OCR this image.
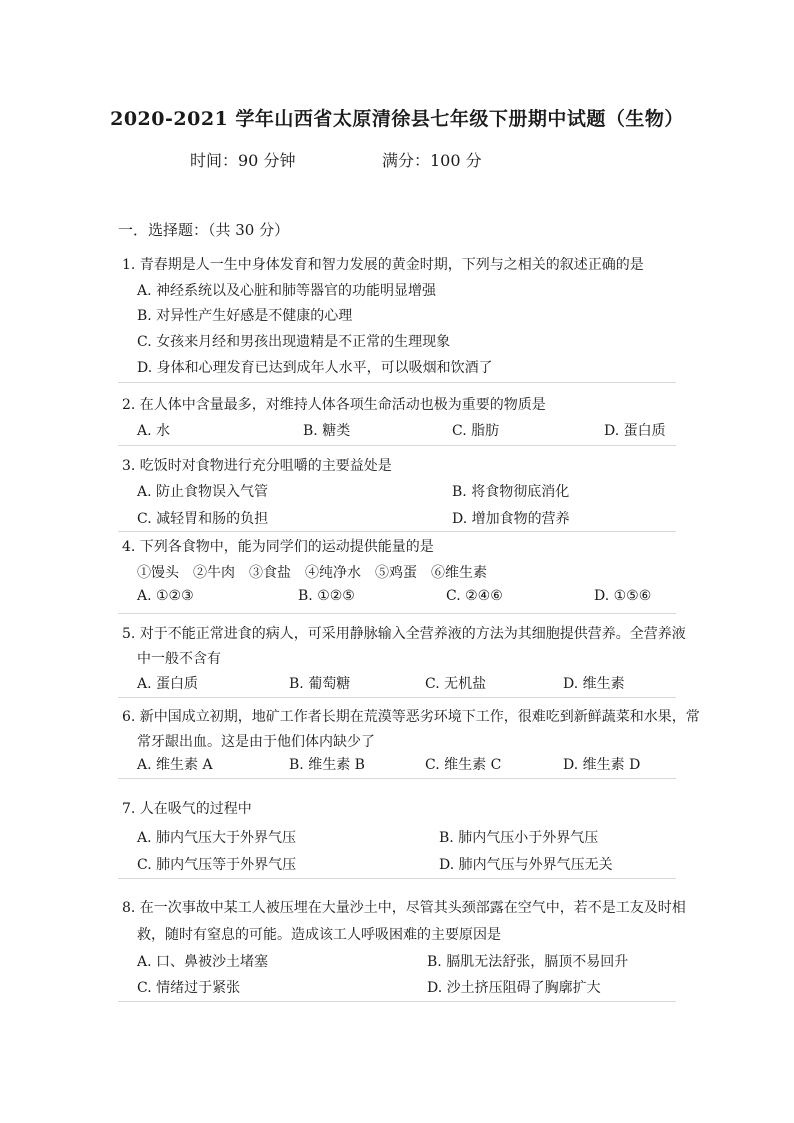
2020-2021 学年山西省太原清徐县七年级下册期中试题（生物）
时间：90 分钟	满分：100 分
一．选择题：（共 30 分）
1. 青春期是人一生中身体发育和智力发展的黄金时期，下列与之相关的叙述正确的是
A. 神经系统以及心脏和肺等器官的功能明显增强
B. 对异性产生好感是不健康的心理
C. 女孩来月经和男孩出现遗精是不正常的生理现象
D. 身体和心理发育已达到成年人水平，可以吸烟和饮酒了
2. 在人体中含量最多，对维持人体各项生命活动也极为重要的物质是
A. 水	B. 糖类	C. 脂肪	D. 蛋白质
3. 吃饭时对食物进行充分咀嚼的主要益处是
A. 防止食物误入气管	B. 将食物彻底消化
C. 减轻胃和肠的负担	D. 增加食物的营养
4. 下列各食物中，能为同学们的运动提供能量的是
①馒头　②牛肉　③食盐　④纯净水　⑤鸡蛋　⑥维生素
A. ①②③	B. ①②⑤	C. ②④⑥	D. ①⑤⑥
5. 对于不能正常进食的病人，可采用静脉输入全营养液的方法为其细胞提供营养。全营养液
中一般不含有
A. 蛋白质	B. 葡萄糖	C. 无机盐	D. 维生素
6. 新中国成立初期，地矿工作者长期在荒漠等恶劣环境下工作，很难吃到新鲜蔬菜和水果，常
常牙龈出血。这是由于他们体内缺少了
A. 维生素 A	B. 维生素 B	C. 维生素 C	D. 维生素 D
7. 人在吸气的过程中
A. 肺内气压大于外界气压	B. 肺内气压小于外界气压
C. 肺内气压等于外界气压	D. 肺内气压与外界气压无关
8. 在一次事故中某工人被压埋在大量沙土中，尽管其头颈部露在空气中，若不是工友及时相
救，随时有窒息的可能。造成该工人呼吸困难的主要原因是
A. 口、鼻被沙土堵塞	B. 膈肌无法舒张，膈顶不易回升
C. 情绪过于紧张	D. 沙土挤压阻碍了胸廓扩大
